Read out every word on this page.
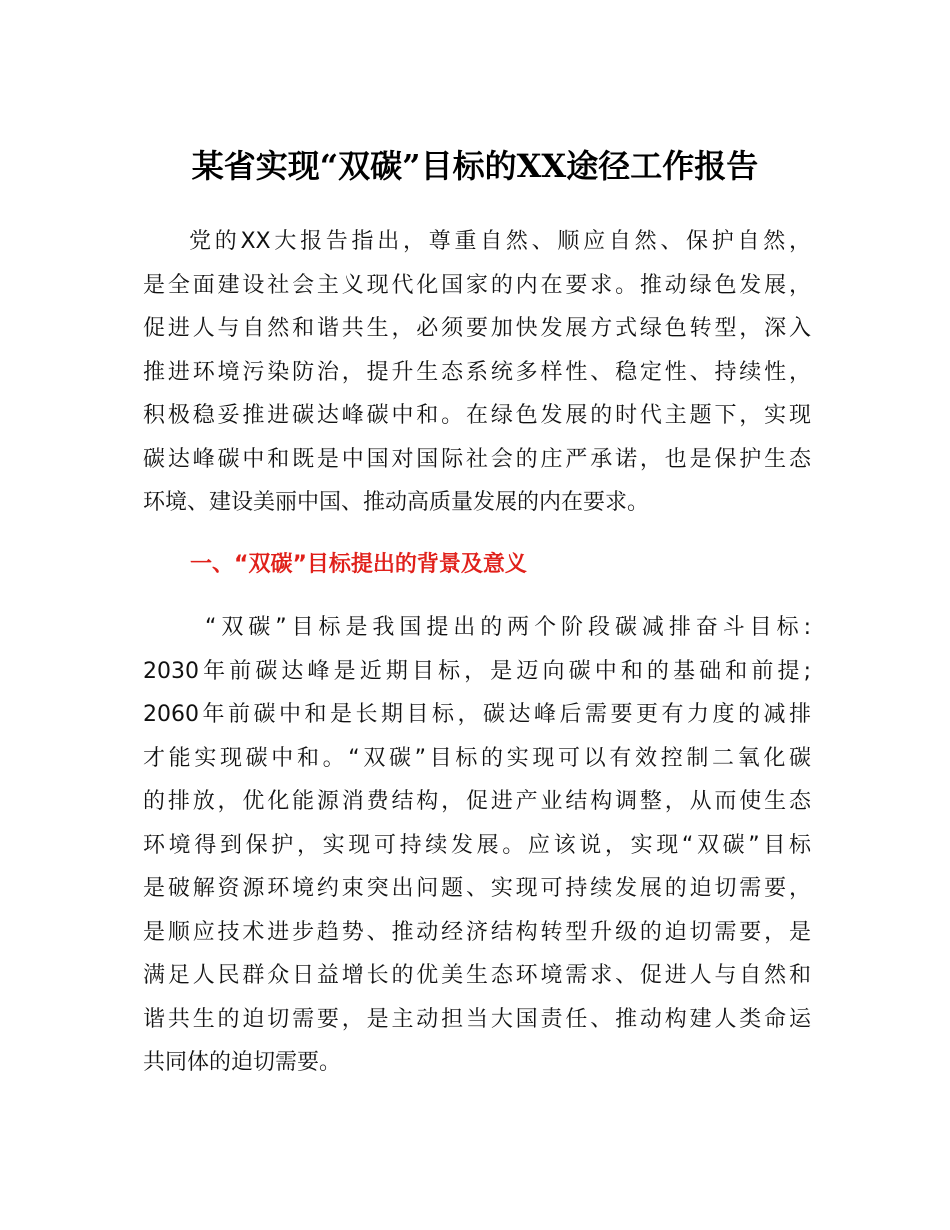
某省实现“双碳”目标的XX途径工作报告
党的XX大报告指出，尊重自然、顺应自然、保护自然，
是全面建设社会主义现代化国家的内在要求。推动绿色发展，
促进人与自然和谐共生，必须要加快发展方式绿色转型，深入
推进环境污染防治，提升生态系统多样性、稳定性、持续性，
积极稳妥推进碳达峰碳中和。在绿色发展的时代主题下，实现
碳达峰碳中和既是中国对国际社会的庄严承诺，也是保护生态
环境、建设美丽中国、推动高质量发展的内在要求。
一、“双碳”目标提出的背景及意义
“双碳”目标是我国提出的两个阶段碳减排奋斗目标:
2030年前碳达峰是近期目标，是迈向碳中和的基础和前提;
2060年前碳中和是长期目标，碳达峰后需要更有力度的减排
才能实现碳中和。“双碳”目标的实现可以有效控制二氧化碳
的排放，优化能源消费结构，促进产业结构调整，从而使生态
环境得到保护，实现可持续发展。应该说，实现“双碳”目标
是破解资源环境约束突出问题、实现可持续发展的迫切需要，
是顺应技术进步趋势、推动经济结构转型升级的迫切需要，是
满足人民群众日益增长的优美生态环境需求、促进人与自然和
谐共生的迫切需要，是主动担当大国责任、推动构建人类命运
共同体的迫切需要。
